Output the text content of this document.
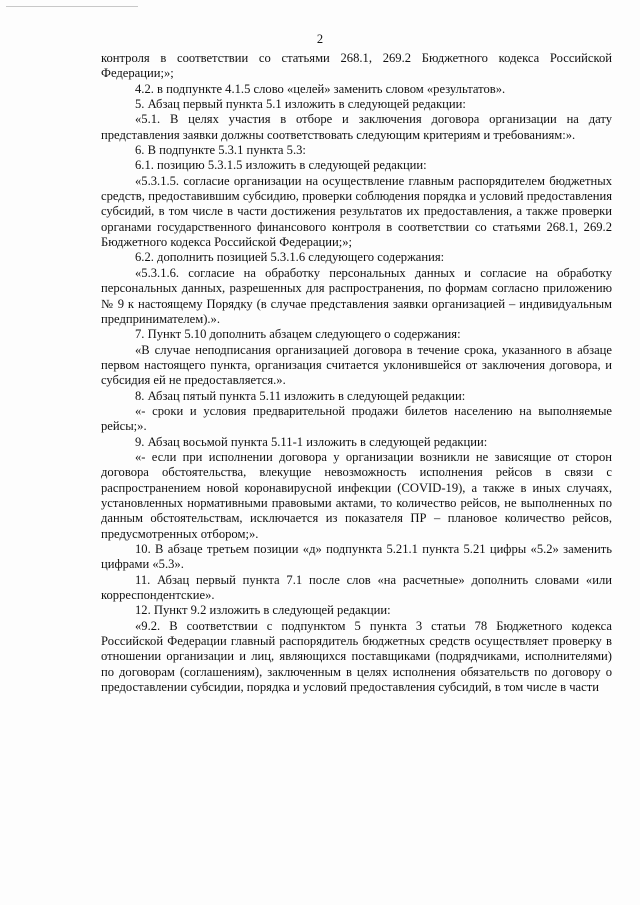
2

контроля в соответствии со статьями 268.1, 269.2 Бюджетного кодекса Российской Федерации;»;

4.2. в подпункте 4.1.5 слово «целей» заменить словом «результатов».

5. Абзац первый пункта 5.1 изложить в следующей редакции:

«5.1. В целях участия в отборе и заключения договора организации на дату представления заявки должны соответствовать следующим критериям и требованиям:».

6. В подпункте 5.3.1 пункта 5.3:

6.1. позицию 5.3.1.5 изложить в следующей редакции:

«5.3.1.5. согласие организации на осуществление главным распорядителем бюджетных средств, предоставившим субсидию, проверки соблюдения порядка и условий предоставления субсидий, в том числе в части достижения результатов их предоставления, а также проверки органами государственного финансового контроля в соответствии со статьями 268.1, 269.2 Бюджетного кодекса Российской Федерации;»;

6.2. дополнить позицией 5.3.1.6 следующего содержания:

«5.3.1.6. согласие на обработку персональных данных и согласие на обработку персональных данных, разрешенных для распространения, по формам согласно приложению № 9 к настоящему Порядку (в случае представления заявки организацией – индивидуальным предпринимателем).».

7. Пункт 5.10 дополнить абзацем следующего о содержания:

«В случае неподписания организацией договора в течение срока, указанного в абзаце первом настоящего пункта, организация считается уклонившейся от заключения договора, и субсидия ей не предоставляется.».

8. Абзац пятый пункта 5.11 изложить в следующей редакции:

«- сроки и условия предварительной продажи билетов населению на выполняемые рейсы;».

9. Абзац восьмой пункта 5.11-1 изложить в следующей редакции:

«- если при исполнении договора у организации возникли не зависящие от сторон договора обстоятельства, влекущие невозможность исполнения рейсов в связи с распространением новой коронавирусной инфекции (COVID-19), а также в иных случаях, установленных нормативными правовыми актами, то количество рейсов, не выполненных по данным обстоятельствам, исключается из показателя ПР – плановое количество рейсов, предусмотренных отбором;».

10. В абзаце третьем позиции «д» подпункта 5.21.1 пункта 5.21 цифры «5.2» заменить цифрами «5.3».

11. Абзац первый пункта 7.1 после слов «на расчетные» дополнить словами «или корреспондентские».

12. Пункт 9.2 изложить в следующей редакции:

«9.2. В соответствии с подпунктом 5 пункта 3 статьи 78 Бюджетного кодекса Российской Федерации главный распорядитель бюджетных средств осуществляет проверку в отношении организации и лиц, являющихся поставщиками (подрядчиками, исполнителями) по договорам (соглашениям), заключенным в целях исполнения обязательств по договору о предоставлении субсидии, порядка и условий предоставления субсидий, в том числе в части
